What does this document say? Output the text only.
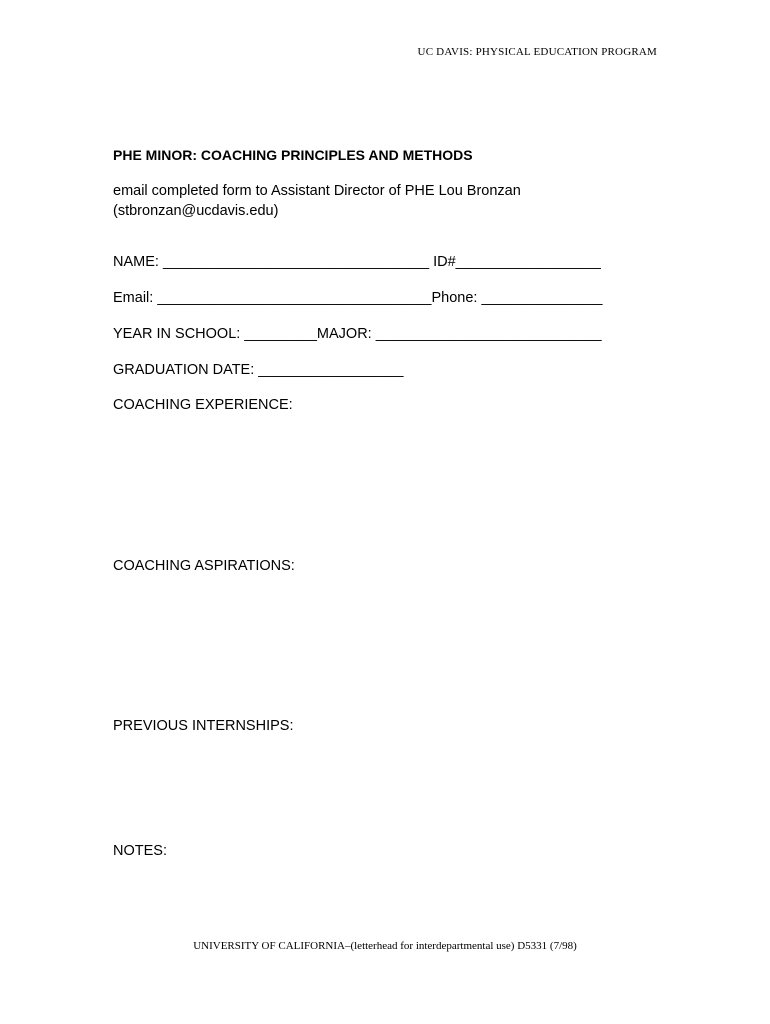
UC DAVIS: PHYSICAL EDUCATION PROGRAM
PHE MINOR: COACHING PRINCIPLES AND METHODS
email completed form to Assistant Director of PHE Lou Bronzan
(stbronzan@ucdavis.edu)
NAME: _________________________________ ID#__________________
Email: __________________________________Phone: _______________
YEAR IN SCHOOL: _________MAJOR: ____________________________
GRADUATION DATE: __________________
COACHING EXPERIENCE:
COACHING ASPIRATIONS:
PREVIOUS INTERNSHIPS:
NOTES:
UNIVERSITY OF CALIFORNIA–(letterhead for interdepartmental use) D5331 (7/98)
